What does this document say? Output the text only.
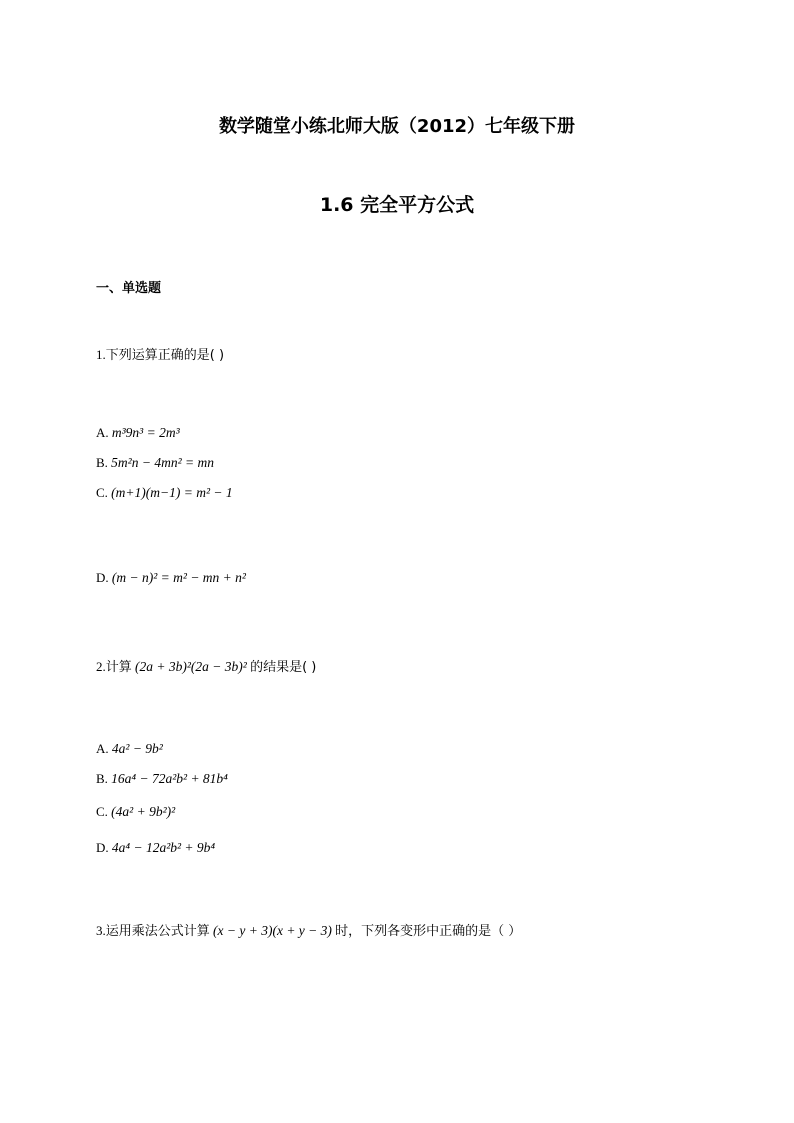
数学随堂小练北师大版（2012）七年级下册
1.6 完全平方公式
一、单选题
1.下列运算正确的是( )
A. m³9n³ = 2m³
B. 5m²n − 4mn² = mn
C. (m+1)(m−1) = m² − 1
D. (m − n)² = m² − mn + n²
2.计算 (2a + 3b)²(2a − 3b)² 的结果是( )
A. 4a² − 9b²
B. 16a⁴ − 72a²b² + 81b⁴
C. (4a² + 9b²)²
D. 4a⁴ − 12a²b² + 9b⁴
3.运用乘法公式计算 (x − y + 3)(x + y − 3) 时，下列各变形中正确的是（ ）
